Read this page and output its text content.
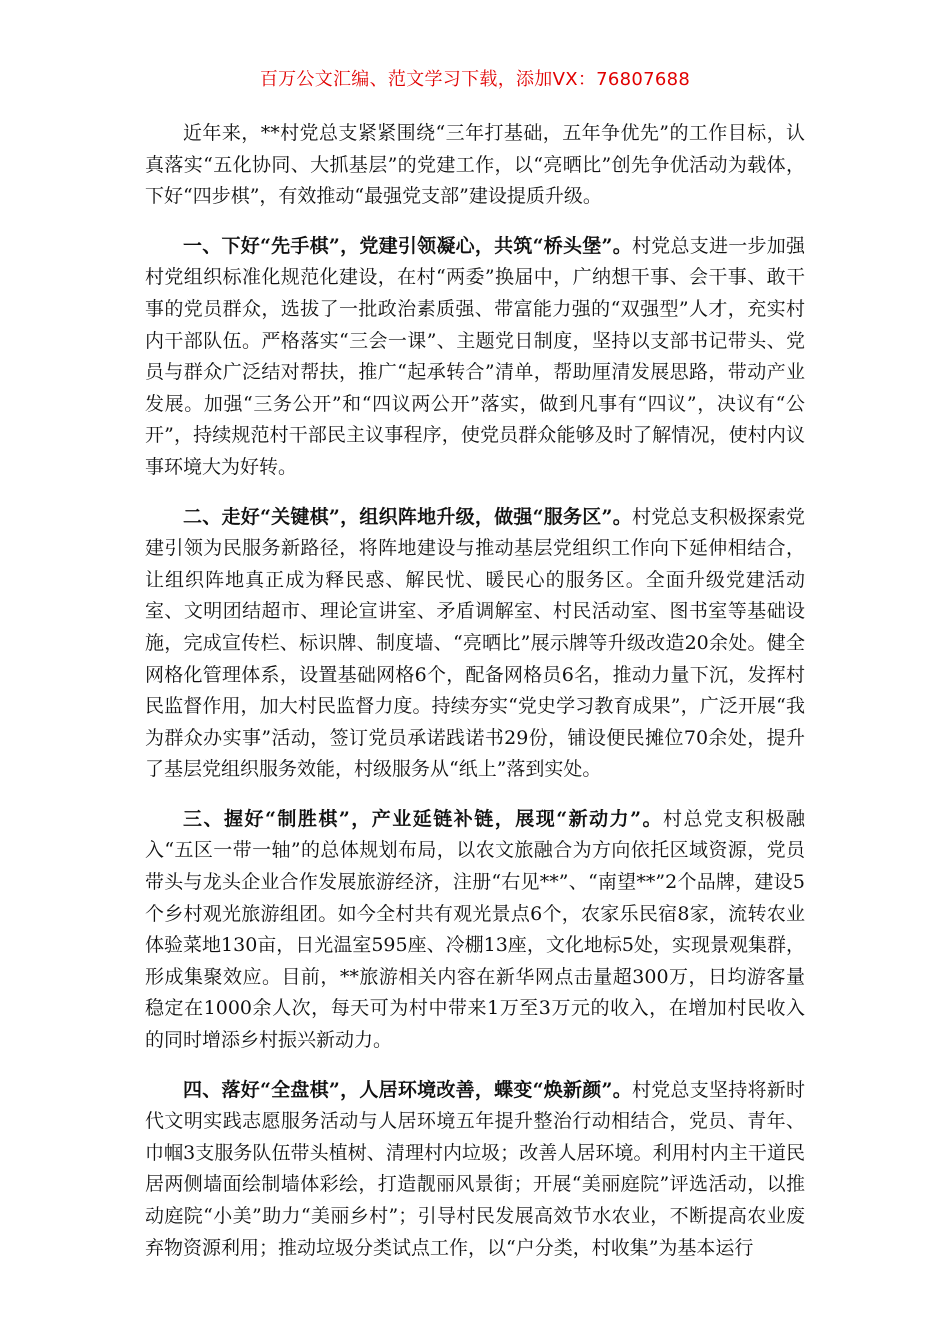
百万公文汇编、范文学习下载，添加VX：76807688

近年来，**村党总支紧紧围绕“三年打基础，五年争优先”的工作目标，认真落实“五化协同、大抓基层”的党建工作，以“亮晒比”创先争优活动为载体，下好“四步棋”，有效推动“最强党支部”建设提质升级。

一、下好“先手棋”，党建引领凝心，共筑“桥头堡”。村党总支进一步加强村党组织标准化规范化建设，在村“两委”换届中，广纳想干事、会干事、敢干事的党员群众，选拔了一批政治素质强、带富能力强的“双强型”人才，充实村内干部队伍。严格落实“三会一课”、主题党日制度，坚持以支部书记带头、党员与群众广泛结对帮扶，推广“起承转合”清单，帮助厘清发展思路，带动产业发展。加强“三务公开”和“四议两公开”落实，做到凡事有“四议”，决议有“公开”，持续规范村干部民主议事程序，使党员群众能够及时了解情况，使村内议事环境大为好转。

二、走好“关键棋”，组织阵地升级，做强“服务区”。村党总支积极探索党建引领为民服务新路径，将阵地建设与推动基层党组织工作向下延伸相结合，让组织阵地真正成为释民惑、解民忧、暖民心的服务区。全面升级党建活动室、文明团结超市、理论宣讲室、矛盾调解室、村民活动室、图书室等基础设施，完成宣传栏、标识牌、制度墙、“亮晒比”展示牌等升级改造20余处。健全网格化管理体系，设置基础网格6个，配备网格员6名，推动力量下沉，发挥村民监督作用，加大村民监督力度。持续夯实“党史学习教育成果”，广泛开展“我为群众办实事”活动，签订党员承诺践诺书29份，铺设便民摊位70余处，提升了基层党组织服务效能，村级服务从“纸上”落到实处。

三、握好“制胜棋”，产业延链补链，展现“新动力”。村总党支积极融入“五区一带一轴”的总体规划布局，以农文旅融合为方向依托区域资源，党员带头与龙头企业合作发展旅游经济，注册“右见**”、“南望**”2个品牌，建设5个乡村观光旅游组团。如今全村共有观光景点6个，农家乐民宿8家，流转农业体验菜地130亩，日光温室595座、冷棚13座，文化地标5处，实现景观集群，形成集聚效应。目前，**旅游相关内容在新华网点击量超300万，日均游客量稳定在1000余人次，每天可为村中带来1万至3万元的收入，在增加村民收入的同时增添乡村振兴新动力。

四、落好“全盘棋”，人居环境改善，蝶变“焕新颜”。村党总支坚持将新时代文明实践志愿服务活动与人居环境五年提升整治行动相结合，党员、青年、巾帼3支服务队伍带头植树、清理村内垃圾；改善人居环境。利用村内主干道民居两侧墙面绘制墙体彩绘，打造靓丽风景街；开展“美丽庭院”评选活动，以推动庭院“小美”助力“美丽乡村”；引导村民发展高效节水农业，不断提高农业废弃物资源利用；推动垃圾分类试点工作，以“户分类，村收集”为基本运行
